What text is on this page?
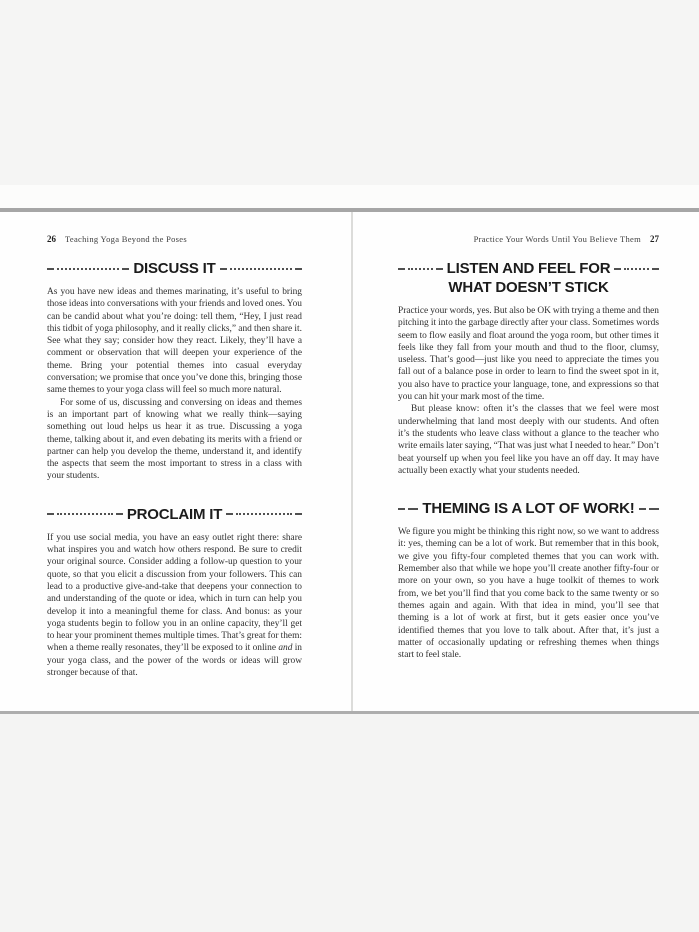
26 Teaching Yoga Beyond the Poses
DISCUSS IT

As you have new ideas and themes marinating, it’s useful to bring those ideas into conversations with your friends and loved ones. You can be candid about what you’re doing: tell them, “Hey, I just read this tidbit of yoga philosophy, and it really clicks,” and then share it. See what they say; consider how they react. Likely, they’ll have a comment or observation that will deepen your experience of the theme. Bring your potential themes into casual everyday conversation; we promise that once you’ve done this, bringing those same themes to your yoga class will feel so much more natural.

For some of us, discussing and conversing on ideas and themes is an important part of knowing what we really think—saying something out loud helps us hear it as true. Discussing a yoga theme, talking about it, and even debating its merits with a friend or partner can help you develop the theme, understand it, and identify the aspects that seem the most important to stress in a class with your students.

PROCLAIM IT

If you use social media, you have an easy outlet right there: share what inspires you and watch how others respond. Be sure to credit your original source. Consider adding a follow-up question to your quote, so that you elicit a discussion from your followers. This can lead to a productive give-and-take that deepens your connection to and understanding of the quote or idea, which in turn can help you develop it into a meaningful theme for class. And bonus: as your yoga students begin to follow you in an online capacity, they’ll get to hear your prominent themes multiple times. That’s great for them: when a theme really resonates, they’ll be exposed to it online and in your yoga class, and the power of the words or ideas will grow stronger because of that.

Practice Your Words Until You Believe Them 27
LISTEN AND FEEL FOR
WHAT DOESN’T STICK

Practice your words, yes. But also be OK with trying a theme and then pitching it into the garbage directly after your class. Sometimes words seem to flow easily and float around the yoga room, but other times it feels like they fall from your mouth and thud to the floor, clumsy, useless. That’s good—just like you need to appreciate the times you fall out of a balance pose in order to learn to find the sweet spot in it, you also have to practice your language, tone, and expressions so that you can hit your mark most of the time.

But please know: often it’s the classes that we feel were most underwhelming that land most deeply with our students. And often it’s the students who leave class without a glance to the teacher who write emails later saying, “That was just what I needed to hear.” Don’t beat yourself up when you feel like you have an off day. It may have actually been exactly what your students needed.

THEMING IS A LOT OF WORK!

We figure you might be thinking this right now, so we want to address it: yes, theming can be a lot of work. But remember that in this book, we give you fifty-four completed themes that you can work with. Remember also that while we hope you’ll create another fifty-four or more on your own, so you have a huge toolkit of themes to work from, we bet you’ll find that you come back to the same twenty or so themes again and again. With that idea in mind, you’ll see that theming is a lot of work at first, but it gets easier once you’ve identified themes that you love to talk about. After that, it’s just a matter of occasionally updating or refreshing themes when things start to feel stale.
